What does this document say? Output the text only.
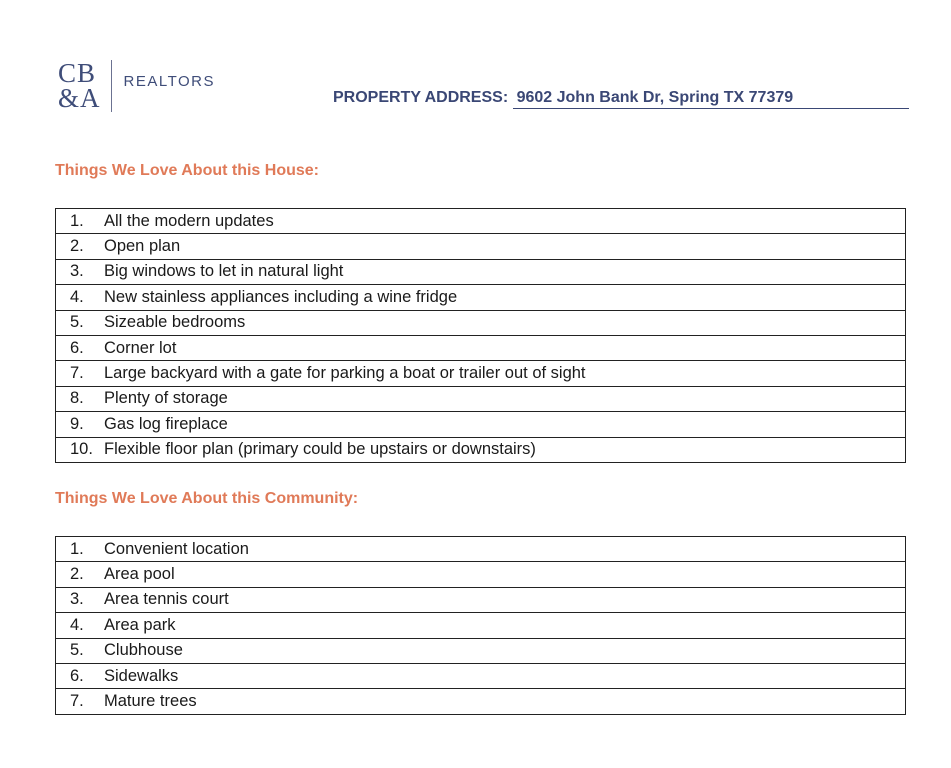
CB
&A
REALTORS
PROPERTY ADDRESS: 9602 John Bank Dr, Spring TX 77379
Things We Love About this House:
1. All the modern updates
2. Open plan
3. Big windows to let in natural light
4. New stainless appliances including a wine fridge
5. Sizeable bedrooms
6. Corner lot
7. Large backyard with a gate for parking a boat or trailer out of sight
8. Plenty of storage
9. Gas log fireplace
10. Flexible floor plan (primary could be upstairs or downstairs)
Things We Love About this Community:
1. Convenient location
2. Area pool
3. Area tennis court
4. Area park
5. Clubhouse
6. Sidewalks
7. Mature trees
